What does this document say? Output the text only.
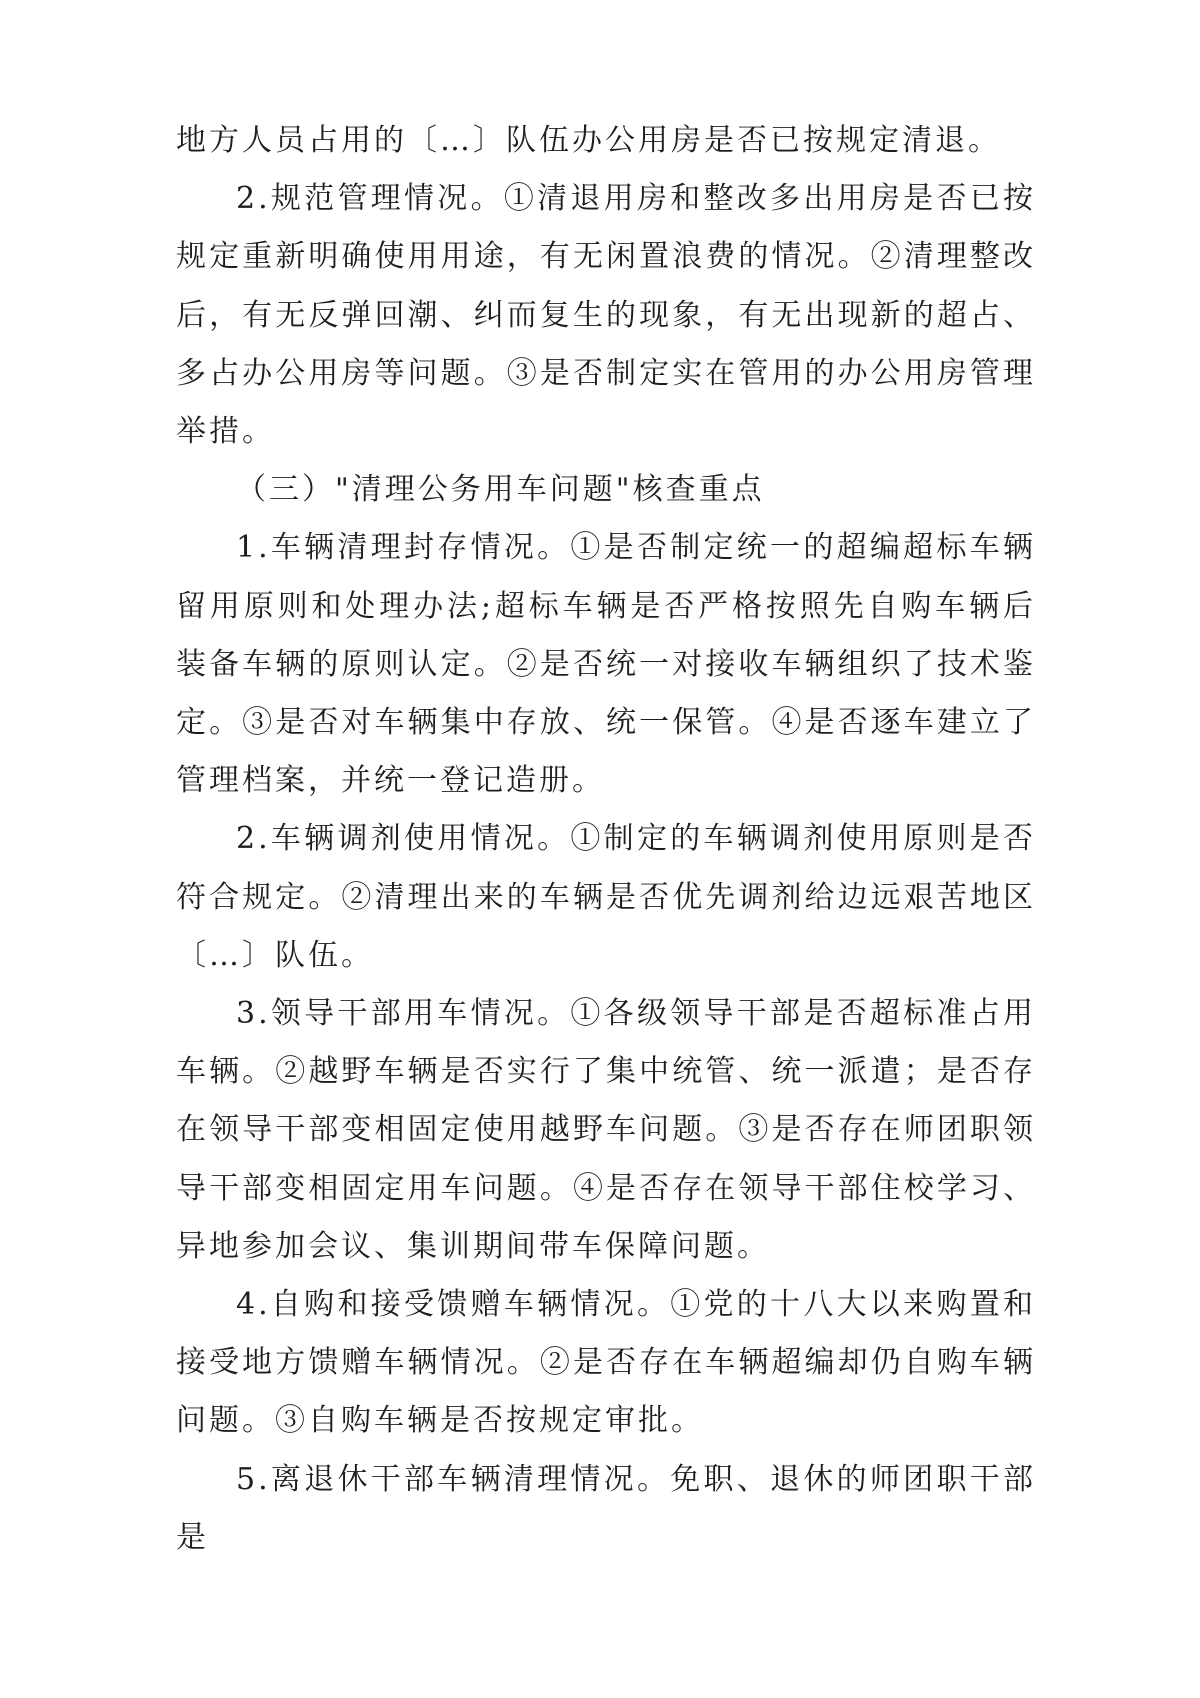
地方人员占用的〔…〕队伍办公用房是否已按规定清退。

2.规范管理情况。①清退用房和整改多出用房是否已按规定重新明确使用用途，有无闲置浪费的情况。②清理整改后，有无反弹回潮、纠而复生的现象，有无出现新的超占、多占办公用房等问题。③是否制定实在管用的办公用房管理举措。

（三）"清理公务用车问题"核查重点

1.车辆清理封存情况。①是否制定统一的超编超标车辆留用原则和处理办法;超标车辆是否严格按照先自购车辆后装备车辆的原则认定。②是否统一对接收车辆组织了技术鉴定。③是否对车辆集中存放、统一保管。④是否逐车建立了管理档案，并统一登记造册。

2.车辆调剂使用情况。①制定的车辆调剂使用原则是否符合规定。②清理出来的车辆是否优先调剂给边远艰苦地区〔…〕队伍。

3.领导干部用车情况。①各级领导干部是否超标准占用车辆。②越野车辆是否实行了集中统管、统一派遣；是否存在领导干部变相固定使用越野车问题。③是否存在师团职领导干部变相固定用车问题。④是否存在领导干部住校学习、异地参加会议、集训期间带车保障问题。

4.自购和接受馈赠车辆情况。①党的十八大以来购置和接受地方馈赠车辆情况。②是否存在车辆超编却仍自购车辆问题。③自购车辆是否按规定审批。

5.离退休干部车辆清理情况。免职、退休的师团职干部是
